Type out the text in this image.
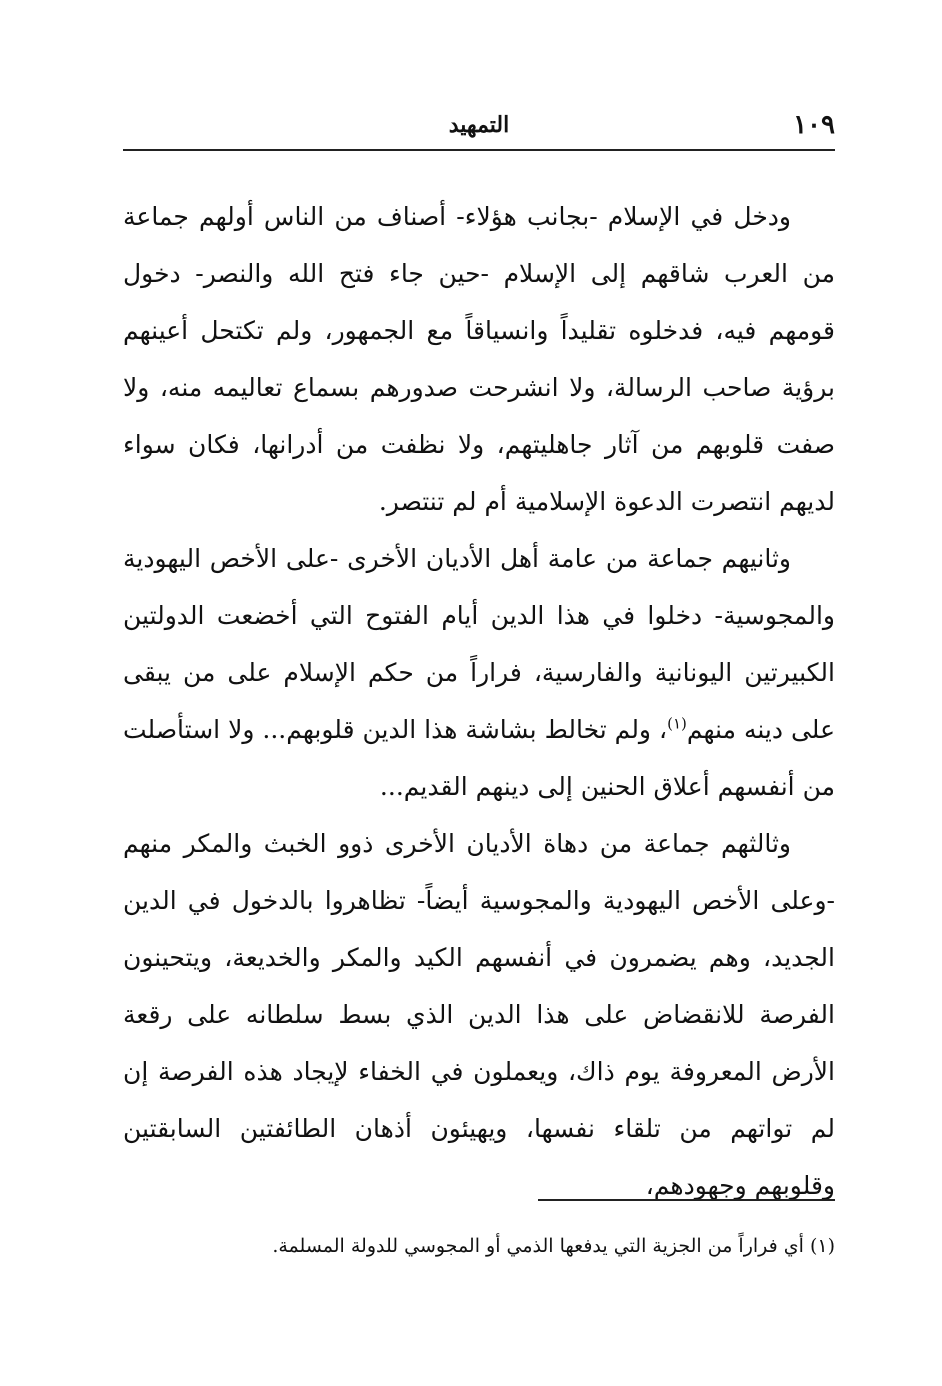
١٠٩
التمهيد

ودخل في الإسلام -بجانب هؤلاء- أصناف من الناس أولهم جماعة من العرب شاقهم إلى الإسلام -حين جاء فتح الله والنصر- دخول قومهم فيه، فدخلوه تقليداً وانسياقاً مع الجمهور، ولم تكتحل أعينهم برؤية صاحب الرسالة، ولا انشرحت صدورهم بسماع تعاليمه منه، ولا صفت قلوبهم من آثار جاهليتهم، ولا نظفت من أدرانها، فكان سواء لديهم انتصرت الدعوة الإسلامية أم لم تنتصر.

وثانيهم جماعة من عامة أهل الأديان الأخرى -على الأخص اليهودية والمجوسية- دخلوا في هذا الدين أيام الفتوح التي أخضعت الدولتين الكبيرتين اليونانية والفارسية، فراراً من حكم الإسلام على من يبقى على دينه منهم$^{(١)}$، ولم تخالط بشاشة هذا الدين قلوبهم... ولا استأصلت من أنفسهم أعلاق الحنين إلى دينهم القديم...

وثالثهم جماعة من دهاة الأديان الأخرى ذوو الخبث والمكر منهم -وعلى الأخص اليهودية والمجوسية أيضاً- تظاهروا بالدخول في الدين الجديد، وهم يضمرون في أنفسهم الكيد والمكر والخديعة، ويتحينون الفرصة للانقضاض على هذا الدين الذي بسط سلطانه على رقعة الأرض المعروفة يوم ذاك، ويعملون في الخفاء لإيجاد هذه الفرصة إن لم تواتهم من تلقاء نفسها، ويهيئون أذهان الطائفتين السابقتين وقلوبهم وجهودهم،

(١) أي فراراً من الجزية التي يدفعها الذمي أو المجوسي للدولة المسلمة.
